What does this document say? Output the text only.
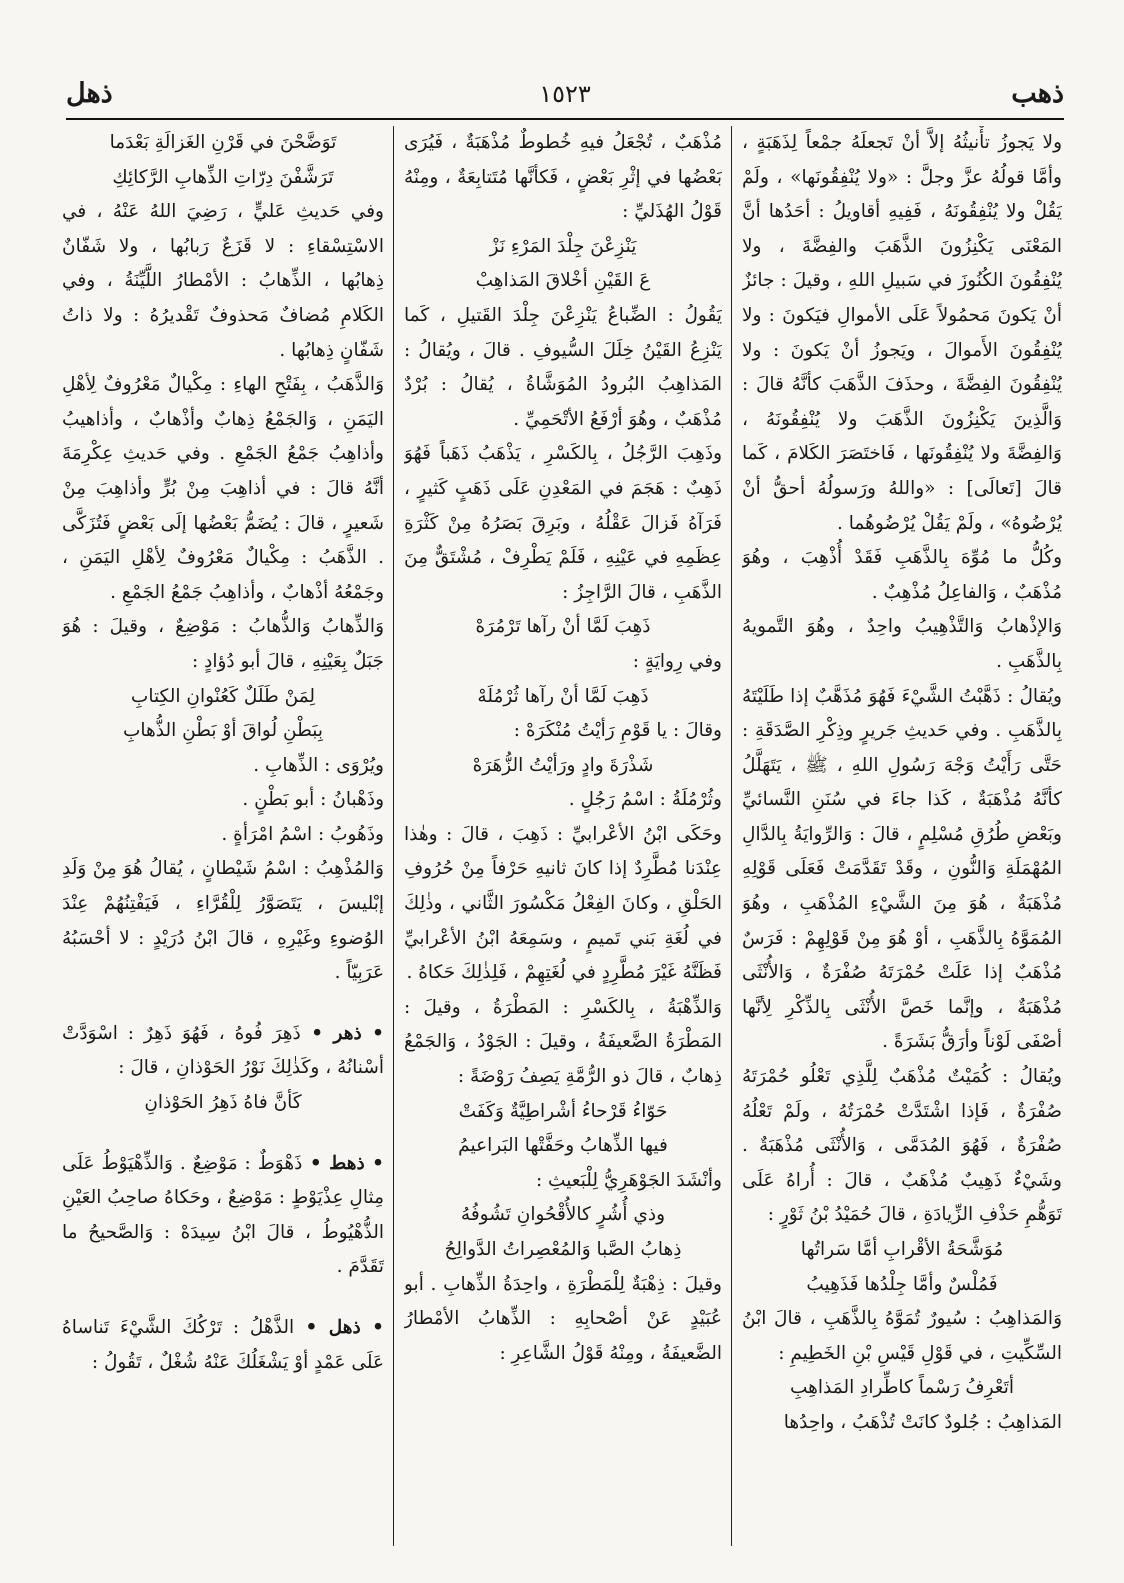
ذهب
١٥٢٣
ذهل

ولا يَجوزُ تأْنيثُهُ إلاَّ أنْ تَجعلَهُ جمْعاً لِذَهَبَةٍ ، وأمَّا قولُهُ عزَّ وجلَّ : «ولا يُنْفِقُونَها» ، ولَمْ يَقُلْ ولا يُنْفِقُونَهُ ، فَفِيهِ أقاويلُ : أحَدُها أنَّ المَعْنَى يَكْنِزُونَ الذَّهَبَ والفِضَّةَ ، ولا يُنْفِقُونَ الكُنُوزَ في سَبيلِ اللهِ ، وقيلَ : جائزٌ أنْ يَكونَ مَحمُولاً عَلَى الأموالِ فيَكونَ : ولا يُنْفِقُونَ الأَموالَ ، ويَجوزُ أنْ يَكونَ : ولا يُنْفِقُونَ الفِضَّةَ ، وحذَفَ الذَّهَبَ كأنَّهُ قالَ : وَالَّذِينَ يَكْنِزُونَ الذَّهَبَ ولا يُنْفِقُونَهُ ، وَالفِضَّةَ ولا يُنْفِقُونَها ، فَاختَصَرَ الكَلامَ ، كَما قالَ [تَعالَى] : «واللهُ ورَسولُهُ أحقُّ أنْ يُرْضُوهُ» ، ولَمْ يَقُلْ يُرْضُوهُما .

وكُلُّ ما مُوِّهَ بِالذَّهَبِ فَقَدْ أُذْهِبَ ، وهُوَ مُذْهَبٌ ، وَالفاعِلُ مُذْهِبٌ .

وَالإذْهابُ وَالتَّذْهِيبُ واحِدٌ ، وهُوَ التَّمويهُ بِالذَّهَبِ .

ويُقالُ : ذَهَّبْتُ الشَّيْءَ فَهُوَ مُذَهَّبٌ إذا طَلَيْتَهُ بِالذَّهَبِ . وفي حَديثِ جَريرٍ وذِكْرِ الصَّدَقَةِ : حَتَّى رَأَيْتُ وَجْهَ رَسُولِ اللهِ ، ﷺ ، يَتَهَلَّلُ كأنَّهُ مُذْهَبَةٌ ، كَذا جاءَ في سُنَنِ النَّسائيِّ وبَعْضِ طُرُقِ مُسْلِمٍ ، قالَ : وَالرِّوايَةُ بِالدَّالِ المُهْمَلَةِ وَالنُّونِ ، وقَدْ تَقَدَّمَتْ فَعَلَى قَوْلِهِ مُذْهَبَةٌ ، هُوَ مِنَ الشَّيْءِ المُذْهَبِ ، وهُوَ المُمَوَّهُ بِالذَّهَبِ ، أوْ هُوَ مِنْ قَوْلِهِمْ : فَرَسٌ مُذْهَبٌ إذا عَلَتْ حُمْرَتَهُ صُفْرَةٌ ، وَالأُنْثَى مُذْهَبَةٌ ، وإنَّما خَصَّ الأُنْثَى بِالذِّكْرِ لِأنَّها أصْفَى لَوْناً وأرَقُّ بَشَرَةً .

ويُقالُ : كُمَيْتٌ مُذْهَبٌ لِلَّذِي تَعْلُو حُمْرَتَهُ صُفْرَةٌ ، فَإذا اشْتَدَّتْ حُمْرَتُهُ ، ولَمْ تَعْلُهُ صُفْرَةٌ ، فَهُوَ المُدَمَّى ، وَالأُنْثَى مُذْهَبَةٌ . وشَيْءٌ ذَهِيبٌ مُذْهَبٌ ، قالَ : أُراهُ عَلَى تَوَهُّمِ حَذْفِ الزِّيادَةِ ، قالَ حُمَيْدُ بْنُ ثَوْرٍ :

مُوَشَّحَةُ الأقْرابِ أمَّا سَراتُها

فَمُلْسٌ وأمَّا جِلْدُها فَذَهِيبُ

وَالمَذاهِبُ : سُيورٌ تُمَوَّهُ بِالذَّهَبِ ، قالَ ابْنُ السِّكِّيتِ ، في قَوْلِ قَيْسِ بْنِ الخَطِيمِ :

أتَعْرِفُ رَسْماً كاطِّرادِ المَذاهِبِ

المَذاهِبُ : جُلودٌ كانَتْ تُذْهَبُ ، واحِدُها

مُذْهَبٌ ، تُجْعَلُ فيهِ خُطوطٌ مُذْهَبَةٌ ، فَيُرَى بَعْضُها في إثْرِ بَعْضٍ ، فَكأنَّها مُتَتابِعَةٌ ، ومِنْهُ قَوْلُ الهُذَليِّ :

يَنْزِعْنَ جِلْدَ المَرْءِ نَزْ

عَ القَيْنِ أخْلاقَ المَذاهِبْ

يَقُولُ : الضِّباعُ يَنْزِعْنَ جِلْدَ القَتيلِ ، كَما يَنْزِعُ القَيْنُ خِلَلَ السُّيوفِ . قالَ ، ويُقالُ : المَذاهِبُ البُرودُ المُوَشَّاةُ ، يُقالُ : بُرْدٌ مُذْهَبٌ ، وهُوَ أرْفَعُ الأتْحَمِيِّ .

وذَهِبَ الرَّجُلُ ، بِالكَسْرِ ، يَذْهَبُ ذَهَباً فَهُوَ ذَهِبٌ : هَجَمَ في المَعْدِنِ عَلَى ذَهَبٍ كَثيرٍ ، فَرَآهُ فَزالَ عَقْلُهُ ، وبَرِقَ بَصَرُهُ مِنْ كَثْرَةِ عِظَمِهِ في عَيْنِهِ ، فَلَمْ يَطْرِفْ ، مُشْتَقٌّ مِنَ الذَّهَبِ ، قالَ الرَّاجِزُ :

ذَهِبَ لَمَّا أنْ رآها تَرْمُرَهْ

وفي رِوايَةٍ :

ذَهِبَ لَمَّا أنْ رآها ثُرْمُلَهْ

وقالَ : يا قَوْمِ رَأيْتُ مُنْكَرَهْ :

شَذْرَةَ وادٍ ورَأيْتُ الزُّهَرَهْ

وثُرْمُلَةُ : اسْمُ رَجُلٍ .

وحَكَى ابْنُ الأعْرابيِّ : ذَهِبَ ، قالَ : وهٰذا عِنْدَنا مُطَّرِدٌ إذا كانَ ثانيهِ حَرْفاً مِنْ حُرُوفِ الحَلْقِ ، وكانَ الفِعْلُ مَكْسُورَ الثَّاني ، وذٰلِكَ في لُغَةِ بَني تَميمٍ ، وسَمِعَهُ ابْنُ الأعْرابيِّ فَظَنَّهُ غَيْرَ مُطَّرِدٍ في لُغَتِهِمْ ، فَلِذٰلِكَ حَكاهُ .

وَالذِّهْبَةُ ، بِالكَسْرِ : المَطْرَةُ ، وقيلَ : المَطْرَةُ الضَّعيفَةُ ، وقيلَ : الجَوْدُ ، وَالجَمْعُ ذِهابٌ ، قالَ ذو الرُّمَّةِ يَصِفُ رَوْضَةً :

حَوّاءُ قَرْحاءُ أشْراطِيَّةٌ وَكَفَتْ

فيها الذِّهابُ وحَفَّتْها البَراعيمُ

وأنْشَدَ الجَوْهَرِيُّ لِلْبَعيثِ :

وذي أُشُرٍ كالأُقْحُوانِ تَشُوفُهُ

ذِهابُ الصَّبا وَالمُعْصِراتُ الدَّوالِحُ

وقيلَ : ذِهْبَةٌ لِلْمَطْرَةِ ، واحِدَةُ الذِّهابِ . أبو عُبَيْدٍ عَنْ أصْحابِهِ : الذِّهابُ الأمْطارُ الضَّعيفَةُ ، ومِنْهُ قَوْلُ الشَّاعِرِ :

تَوَضَّحْنَ في قَرْنِ الغَزالَةِ بَعْدَما

تَرَشَّفْنَ دِرّاتِ الذِّهابِ الرَّكائِكِ

وفي حَديثِ عَليٍّ ، رَضِيَ اللهُ عَنْهُ ، في الاسْتِسْقاءِ : لا قَزَعٌ رَبابُها ، ولا شَفّانٌ ذِهابُها ، الذِّهابُ : الأمْطارُ اللَّيِّنَةُ ، وفي الكَلامِ مُضافٌ مَحذوفٌ تَقْديرُهُ : ولا ذاتُ شَفّانٍ ذِهابُها .

وَالذَّهَبُ ، بِفَتْحِ الهاءِ : مِكْيالٌ مَعْرُوفٌ لِأهْلِ اليَمَنِ ، وَالجَمْعُ ذِهابٌ وأذْهابٌ ، وأذاهيبُ وأذاهِبُ جَمْعُ الجَمْعِ . وفي حَديثِ عِكْرِمَةَ أنَّهُ قالَ : في أذاهِبَ مِنْ بُرٍّ وأذاهِبَ مِنْ شَعيرٍ ، قالَ : يُضَمُّ بَعْضُها إلَى بَعْضٍ فَتُزَكَّى . الذَّهَبُ : مِكْيالٌ مَعْرُوفٌ لِأهْلِ اليَمَنِ ، وجَمْعُهُ أذْهابٌ ، وأذاهِبُ جَمْعُ الجَمْعِ .

وَالذِّهابُ وَالذُّهابُ : مَوْضِعٌ ، وقيلَ : هُوَ جَبَلٌ بِعَيْنِهِ ، قالَ أبو دُؤادٍ :

لِمَنْ طَلَلٌ كَعُنْوانِ الكِتابِ

بِبَطْنِ لُواقَ أوْ بَطْنِ الذُّهابِ

ويُرْوَى : الذِّهابِ .

وذَهْبانُ : أبو بَطْنٍ .

وذَهُوبُ : اسْمُ امْرَأةٍ .

وَالمُذْهِبُ : اسْمُ شَيْطانٍ ، يُقالُ هُوَ مِنْ وَلَدِ إبْليسَ ، يَتَصَوَّرُ لِلْقُرَّاءِ ، فَيَفْتِنُهُمْ عِنْدَ الوُضوءِ وغَيْرِهِ ، قالَ ابْنُ دُرَيْدٍ : لا أحْسَبُهُ عَرَبِيّاً .

• ذهر • ذَهِرَ فُوهُ ، فَهُوَ ذَهِرٌ : اسْوَدَّتْ أسْنانُهُ ، وكَذٰلِكَ نَوْرُ الحَوْذانِ ، قالَ :

كَأنَّ فاهُ ذَهِرُ الحَوْذانِ

• ذهط • ذَهْوَطٌ : مَوْضِعٌ . وَالذِّهْيَوْطُ عَلَى مِثالِ عِذْيَوْطٍ : مَوْضِعٌ ، وحَكاهُ صاحِبُ العَيْنِ الذُّهْيُوطُ ، قالَ ابْنُ سِيدَهْ : وَالصَّحيحُ ما تَقَدَّمَ .

• ذهل • الذَّهْلُ : تَرْكُكَ الشَّيْءَ تَناساهُ عَلَى عَمْدٍ أوْ يَشْغَلُكَ عَنْهُ شُغْلٌ ، تَقُولُ :
